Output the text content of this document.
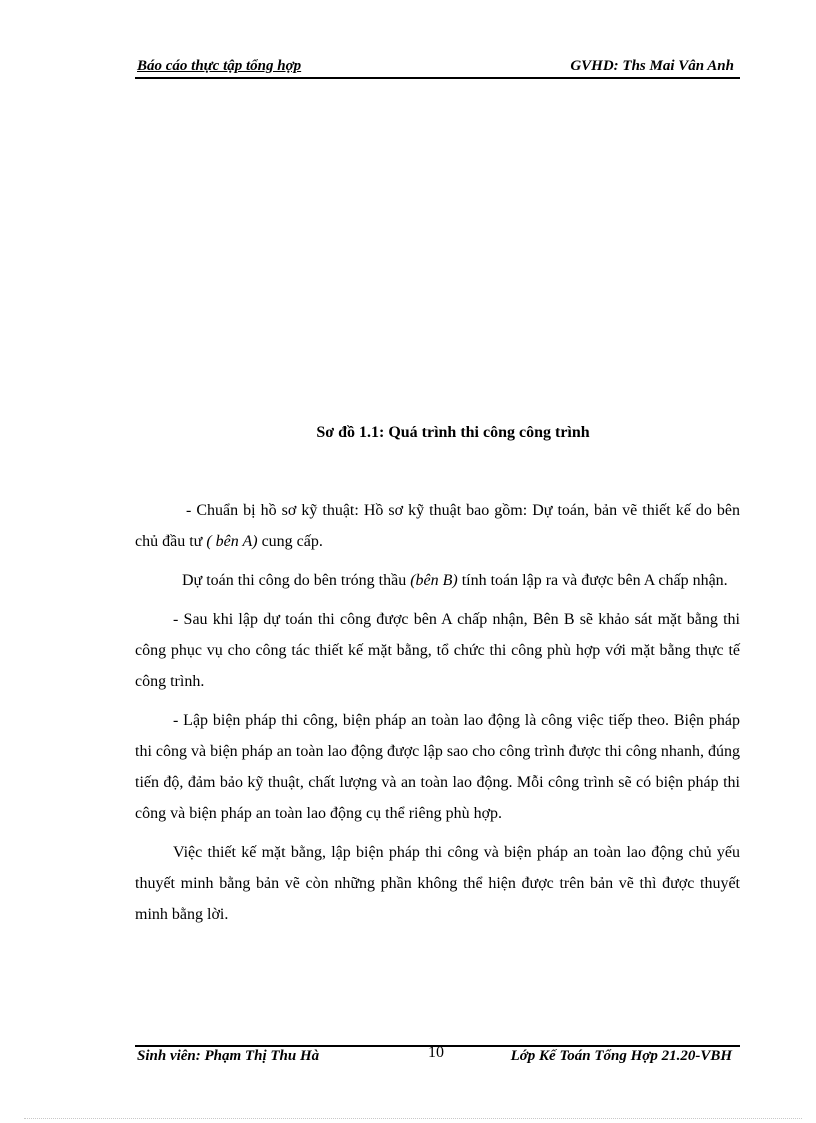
Báo cáo thực tập tổng hợp	GVHD: Ths Mai Vân Anh
Sơ đồ 1.1: Quá trình thi công công trình

- Chuẩn bị hồ sơ kỹ thuật: Hồ sơ kỹ thuật bao gồm: Dự toán, bản vẽ thiết kế do bên chủ đầu tư ( bên A) cung cấp.

Dự toán thi công do bên tróng thầu (bên B) tính toán lập ra và được bên A chấp nhận.

- Sau khi lập dự toán thi công được bên A chấp nhận, Bên B sẽ khảo sát mặt bằng thi công phục vụ cho công tác thiết kế mặt bằng, tổ chức thi công phù hợp với mặt bằng thực tế công trình.

- Lập biện pháp thi công, biện pháp an toàn lao động là công việc tiếp theo. Biện pháp thi công và biện pháp an toàn lao động được lập sao cho công trình được thi công nhanh, đúng tiến độ, đảm bảo kỹ thuật, chất lượng và an toàn lao động. Mỗi công trình sẽ có biện pháp thi công và biện pháp an toàn lao động cụ thể riêng phù hợp.

Việc thiết kế mặt bằng, lập biện pháp thi công và biện pháp an toàn lao động chủ yếu thuyết minh bằng bản vẽ còn những phần không thể hiện được trên bản vẽ thì được thuyết minh bằng lời.

Sinh viên: Phạm Thị Thu Hà	10	Lớp Kế Toán Tổng Hợp 21.20-VBH
